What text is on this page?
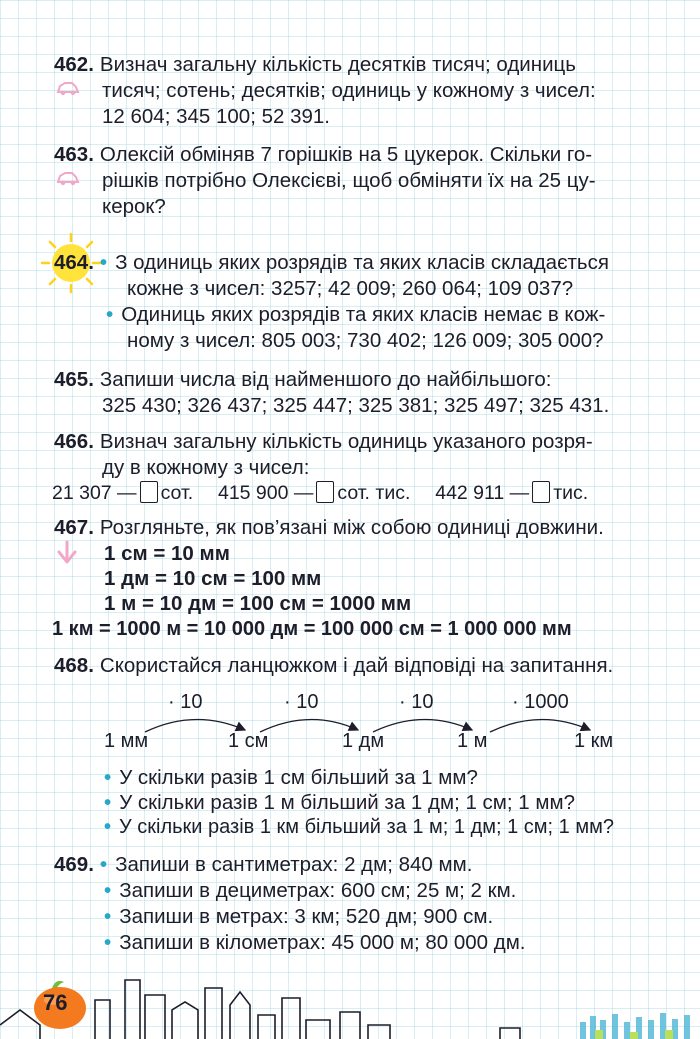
462. Визнач загальну кількість десятків тисяч; одиниць
тисяч; сотень; десятків; одиниць у кожному з чисел:
12 604; 345 100; 52 391.
463. Олексій обміняв 7 горішків на 5 цукерок. Скільки го-
рішків потрібно Олексієві, щоб обміняти їх на 25 цу-
керок?
464. • З одиниць яких розрядів та яких класів складається
кожне з чисел: 3257; 42 009; 260 064; 109 037?
• Одиниць яких розрядів та яких класів немає в кож-
ному з чисел: 805 003; 730 402; 126 009; 305 000?
465. Запиши числа від найменшого до найбільшого:
325 430; 326 437; 325 447; 325 381; 325 497; 325 431.
466. Визнач загальну кількість одиниць указаного розря-
ду в кожному з чисел:
21 307 — сот. 415 900 — сот. тис. 442 911 — тис.
467. Розгляньте, як пов’язані між собою одиниці довжини.
1 см = 10 мм
1 дм = 10 см = 100 мм
1 м = 10 дм = 100 см = 1000 мм
1 км = 1000 м = 10 000 дм = 100 000 см = 1 000 000 мм
468. Скористайся ланцюжком і дай відповіді на запитання.
· 10	· 10	· 10	· 1000
1 мм	1 см	1 дм	1 м	1 км
• У скільки разів 1 см більший за 1 мм?
• У скільки разів 1 м більший за 1 дм; 1 см; 1 мм?
• У скільки разів 1 км більший за 1 м; 1 дм; 1 см; 1 мм?
469. • Запиши в сантиметрах: 2 дм; 840 мм.
• Запиши в дециметрах: 600 см; 25 м; 2 км.
• Запиши в метрах: 3 км; 520 дм; 900 см.
• Запиши в кілометрах: 45 000 м; 80 000 дм.
76
